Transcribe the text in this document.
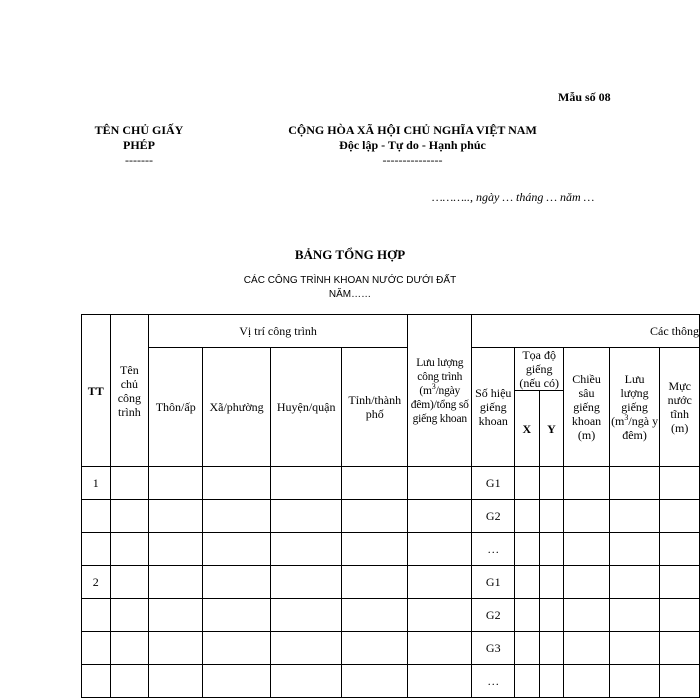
Mẫu số 08
TÊN CHỦ GIẤY
PHÉP
-------
CỘNG HÒA XÃ HỘI CHỦ NGHĨA VIỆT NAM
Độc lập - Tự do - Hạnh phúc
---------------
……….., ngày … tháng … năm …
BẢNG TỔNG HỢP
CÁC CÔNG TRÌNH KHOAN NƯỚC DƯỚI ĐẤT
NĂM……
TT	Tên chủ công trình	Vị trí công trình				Lưu lượng công trình ($m^3$/ngày đêm)/tổng số giếng khoan	Các thông					
		Thôn/ấp	Xã/phường	Huyện/quận	Tỉnh/thành phố		Số hiệu giếng khoan	Tọa độ giếng (nếu có)		Chiều sâu giếng khoan (m)	Lưu lượng giếng ($m^3$/ngà y đêm)	Mực nước tĩnh (m)
								X	Y			
1							G1					
							G2					
							…					
2							G1					
							G2					
							G3					
							…					
